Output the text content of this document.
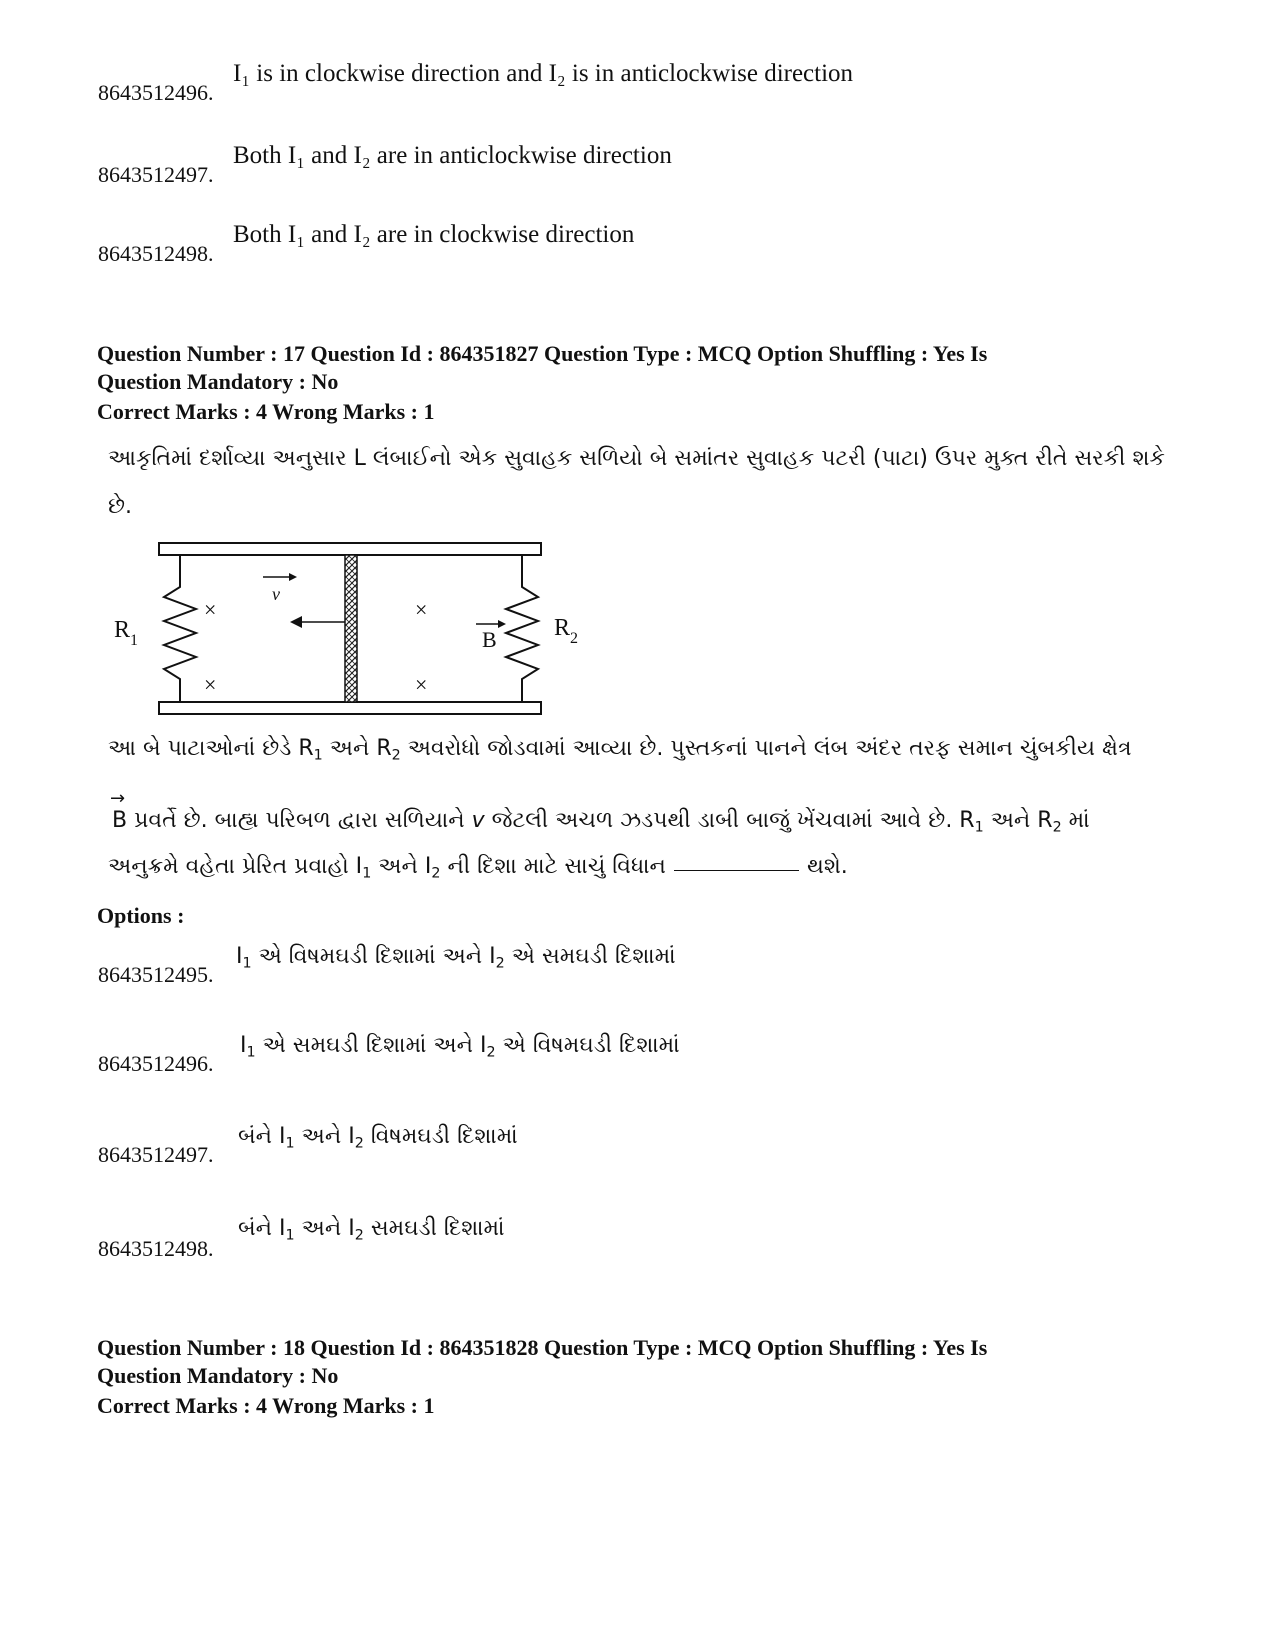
8643512496.
I₁ is in clockwise direction and I₂ is in anticlockwise direction
8643512497.
Both I₁ and I₂ are in anticlockwise direction
8643512498.
Both I₁ and I₂ are in clockwise direction
Question Number : 17 Question Id : 864351827 Question Type : MCQ Option Shuffling : Yes Is
Question Mandatory : No
Correct Marks : 4 Wrong Marks : 1
આકૃતિમાં દર્શાવ્યા અનુસાર L લંબાઈનો એક સુવાહક સળિયો બે સમાંતર સુવાહક પટરી (પાટા) ઉપર મુક્ત રીતે સરકી શકે
છે.
v
×
×
×
×
B
R 1	R 2
આ બે પાટાઓનાં છેડે $R_1$ અને $R_2$ અવરોધો જોડવામાં આવ્યા છે. પુસ્તકનાં પાનને લંબ અંદર તરફ સમાન ચુંબકીય ક્ષેત્ર
→ B પ્રવર્તે છે. બાહ્ય પરિબળ દ્વારા સળિયાને v જેટલી અચળ ઝડપથી ડાબી બાજું ખેંચવામાં આવે છે. $R_1$ અને $R_2$ માં
અનુક્રમે વહેતા પ્રેરિત પ્રવાહો $I_1$ અને $I_2$ ની દિશા માટે સાચું વિધાન	થશે.
Options :
8643512495.
$I_1$ એ વિષમઘડી દિશામાં અને $I_2$ એ સમઘડી દિશામાં
8643512496.
$I_1$ એ સમઘડી દિશામાં અને $I_2$ એ વિષમઘડી દિશામાં
8643512497.
બંને $I_1$ અને $I_2$ વિષમઘડી દિશામાં
8643512498.
બંને $I_1$ અને $I_2$ સમઘડી દિશામાં
Question Number : 18 Question Id : 864351828 Question Type : MCQ Option Shuffling : Yes Is
Question Mandatory : No
Correct Marks : 4 Wrong Marks : 1
